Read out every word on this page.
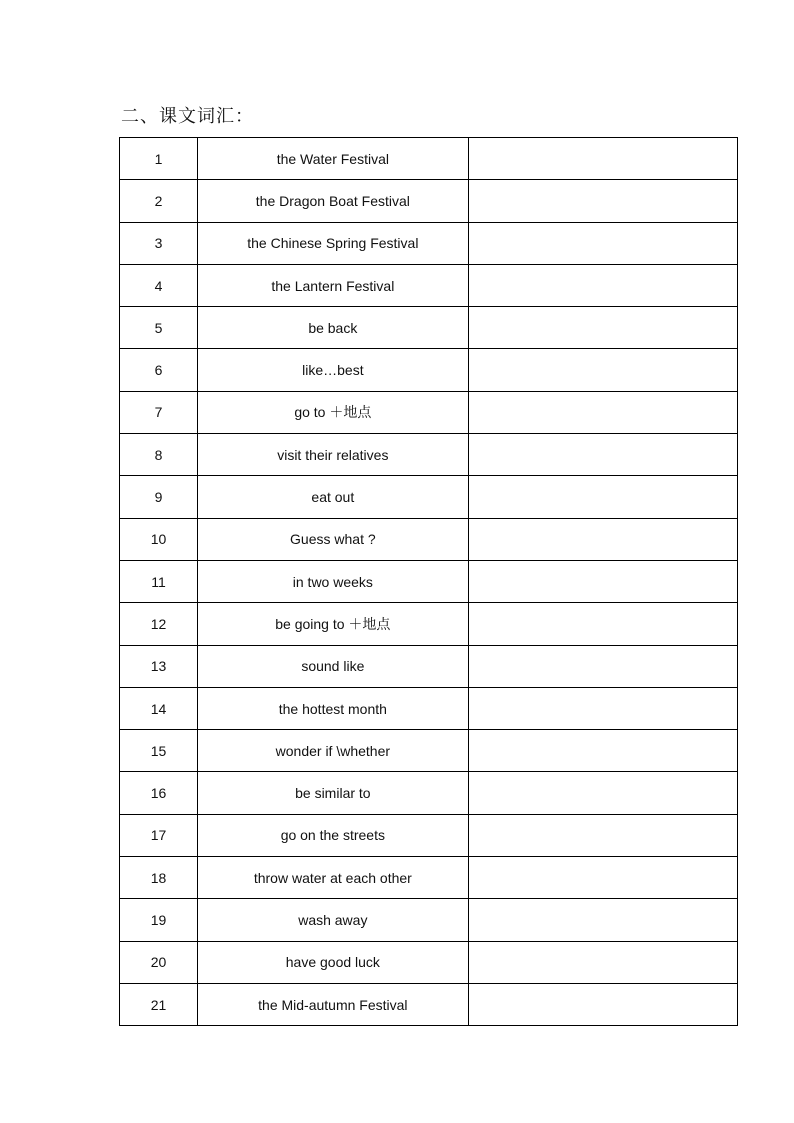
二、课文词汇：
1	the Water Festival	
2	the Dragon Boat Festival	
3	the Chinese Spring Festival	
4	the Lantern Festival	
5	be back	
6	like…best	
7	go to ＋地点	
8	visit their relatives	
9	eat out	
10	Guess what ?	
11	in two weeks	
12	be going to ＋地点	
13	sound like	
14	the hottest month	
15	wonder if \whether	
16	be similar to	
17	go on the streets	
18	throw water at each other	
19	wash away	
20	have good luck	
21	the Mid-autumn Festival	
